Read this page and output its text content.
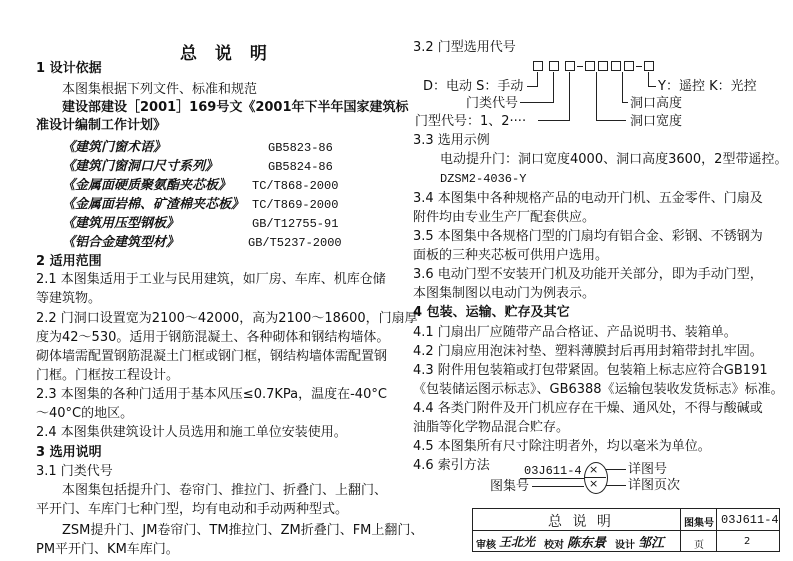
总 说 明
1 设计依据
本图集根据下列文件、标准和规范
建设部建设［2001］169号文《2001年下半年国家建筑标
准设计编制工作计划》
《建筑门窗术语》	GB5823-86
《建筑门窗洞口尺寸系列》	GB5824-86
《金属面硬质聚氨酯夹芯板》 TC/T868-2000
《金属面岩棉、矿渣棉夹芯板》 TC/T869-2000
《建筑用压型钢板》	GB/T12755-91
《铝合金建筑型材》	GB/T5237-2000
2 适用范围
2.1 本图集适用于工业与民用建筑，如厂房、车库、机库仓储
等建筑物。
2.2 门洞口设置宽为2100～42000，高为2100～18600，门扇厚
度为42～530。适用于钢筋混凝土、各种砌体和钢结构墙体。
砌体墙需配置钢筋混凝土门框或钢门框，钢结构墙体需配置钢
门框。门框按工程设计。
2.3 本图集的各种门适用于基本风压≤0.7KPa，温度在-40°C
～40°C的地区。
2.4 本图集供建筑设计人员选用和施工单位安装使用。
3 选用说明
3.1 门类代号
本图集包括提升门、卷帘门、推拉门、折叠门、上翻门、
平开门、车库门七种门型，均有电动和手动两种型式。
ZSM提升门、JM卷帘门、TM推拉门、ZM折叠门、FM上翻门、
PM平开门、KM车库门。
3.2 门型选用代号
D：电动 S：手动	Y：遥控 K：光控
门类代号	洞口高度
门型代号：1、2····	洞口宽度
3.3 选用示例
电动提升门：洞口宽度4000、洞口高度3600，2型带遥控。
DZSM2-4036-Y
3.4 本图集中各种规格产品的电动开门机、五金零件、门扇及
附件均由专业生产厂配套供应。
3.5 本图集中各规格门型的门扇均有铝合金、彩钢、不锈钢为
面板的三种夹芯板可供用户选用。
3.6 电动门型不安装开门机及功能开关部分，即为手动门型，
本图集制图以电动门为例表示。
4 包装、运输、贮存及其它
4.1 门扇出厂应随带产品合格证、产品说明书、装箱单。
4.2 门扇应用泡沫衬垫、塑料薄膜封后再用封箱带封扎牢固。
4.3 附件用包装箱或打包带紧固。包装箱上标志应符合GB191
《包装储运图示标志》、GB6388《运输包装收发货标志》标准。
4.4 各类门附件及开门机应存在干燥、通风处，不得与酸碱或
油脂等化学物品混合贮存。
4.5 本图集所有尺寸除注明者外，均以毫米为单位。
4.6 索引方法	03J611-4 ×
×
详图号
详图页次
图集号
总 说 明	图集号 03J611-4
审核 王北光 校对 陈东景 设计 邹江	页	2
